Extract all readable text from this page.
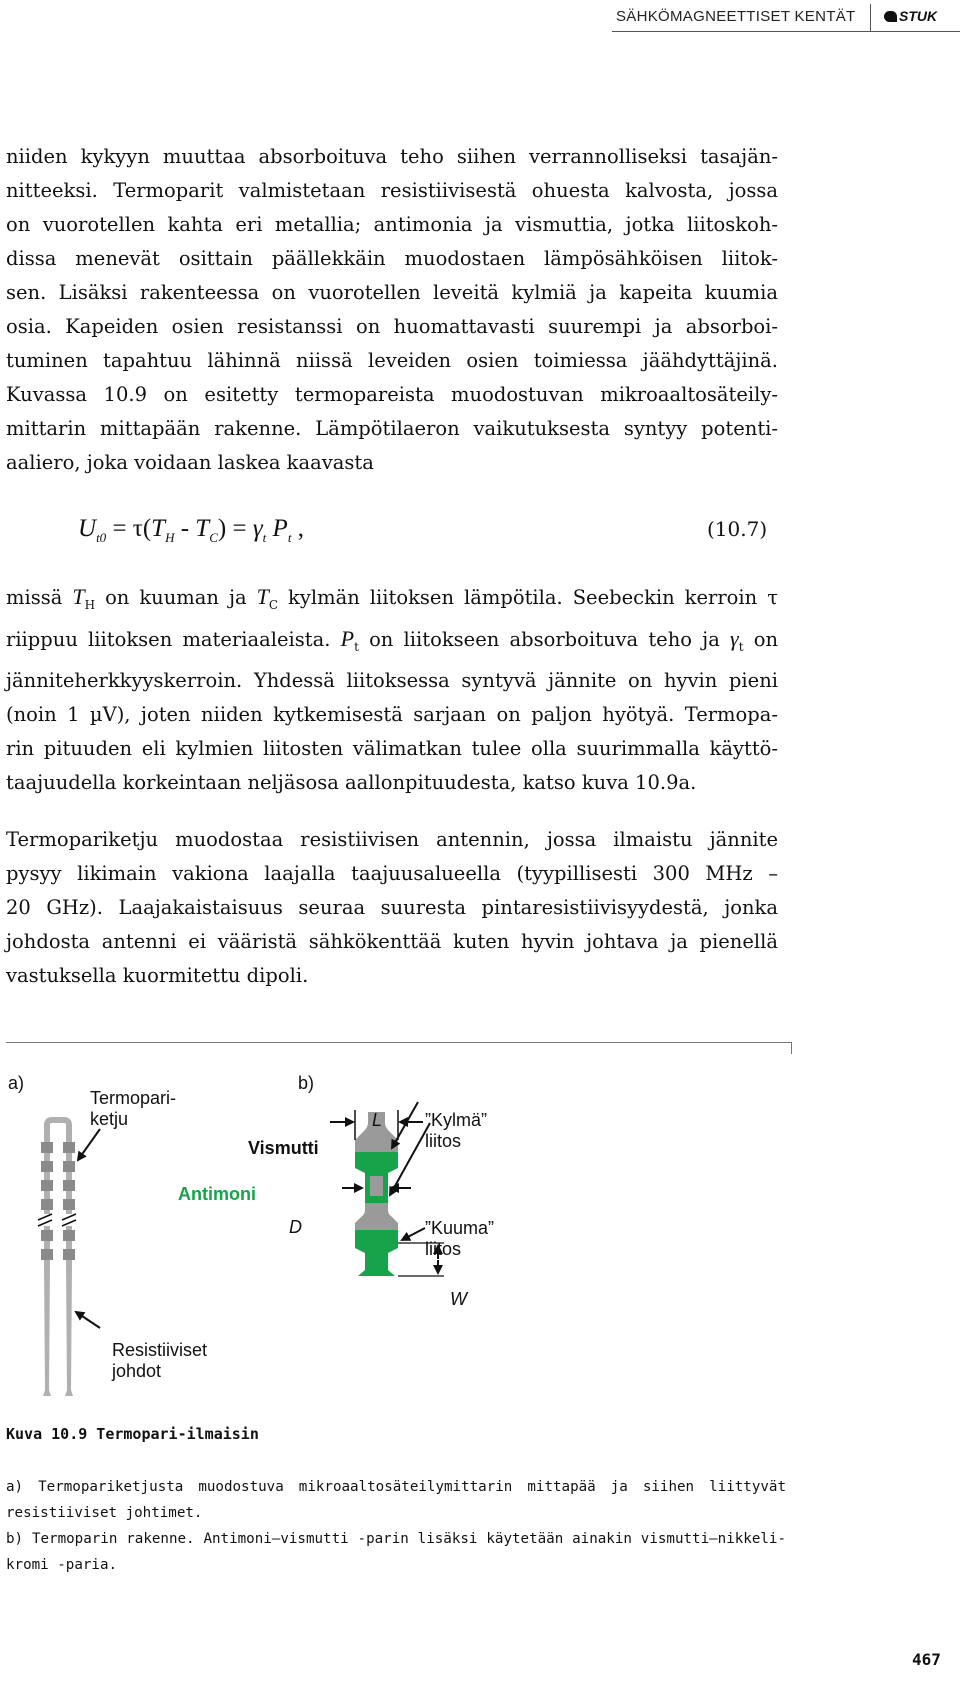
SÄHKÖMAGNEETTISET KENTÄT	STUK
niiden kykyyn muuttaa absorboituva teho siihen verrannolliseksi tasajän-
nitteeksi. Termoparit valmistetaan resistiivisestä ohuesta kalvosta, jossa
on vuorotellen kahta eri metallia; antimonia ja vismuttia, jotka liitoskoh-
dissa menevät osittain päällekkäin muodostaen lämpösähköisen liitok-
sen. Lisäksi rakenteessa on vuorotellen leveitä kylmiä ja kapeita kuumia
osia. Kapeiden osien resistanssi on huomattavasti suurempi ja absorboi-
tuminen tapahtuu lähinnä niissä leveiden osien toimiessa jäähdyttäjinä.
Kuvassa 10.9 on esitetty termopareista muodostuvan mikroaaltosäteily-
mittarin mittapään rakenne. Lämpötilaeron vaikutuksesta syntyy potenti-
aaliero, joka voidaan laskea kaavasta
$U_{t0} = \tau(T_H - T_C) = \gamma_t$ $P_t$ ,	(10.7)
missä $T_H$ on kuuman ja $T_C$ kylmän liitoksen lämpötila. Seebeckin kerroin τ
riippuu liitoksen materiaaleista. $P_t$ on liitokseen absorboituva teho ja $\gamma_t$ on
jänniteherkkyyskerroin. Yhdessä liitoksessa syntyvä jännite on hyvin pieni
(noin 1 µV), joten niiden kytkemisestä sarjaan on paljon hyötyä. Termopa-
rin pituuden eli kylmien liitosten välimatkan tulee olla suurimmalla käyttö-
taajuudella korkeintaan neljäsosa aallonpituudesta, katso kuva 10.9a.
Termopariketju muodostaa resistiivisen antennin, jossa ilmaistu jännite
pysyy likimain vakiona laajalla taajuusalueella (tyypillisesti 300 MHz –
20 GHz). Laajakaistaisuus seuraa suuresta pintaresistiivisyydestä, jonka
johdosta antenni ei vääristä sähkökenttää kuten hyvin johtava ja pienellä
vastuksella kuormitettu dipoli.
a)	b)
Termopari-
ketju
Resistiiviset
johdot
Vismutti
Antimoni
L
D
W
”Kylmä”
liitos
”Kuuma”
liitos
Kuva 10.9 Termopari-ilmaisin
a) Termopariketjusta muodostuva mikroaaltosäteilymittarin mittapää ja siihen liittyvät
resistiiviset johtimet.
b) Termoparin rakenne. Antimoni–vismutti -parin lisäksi käytetään ainakin vismutti–nikkeli-
kromi -paria.
467
